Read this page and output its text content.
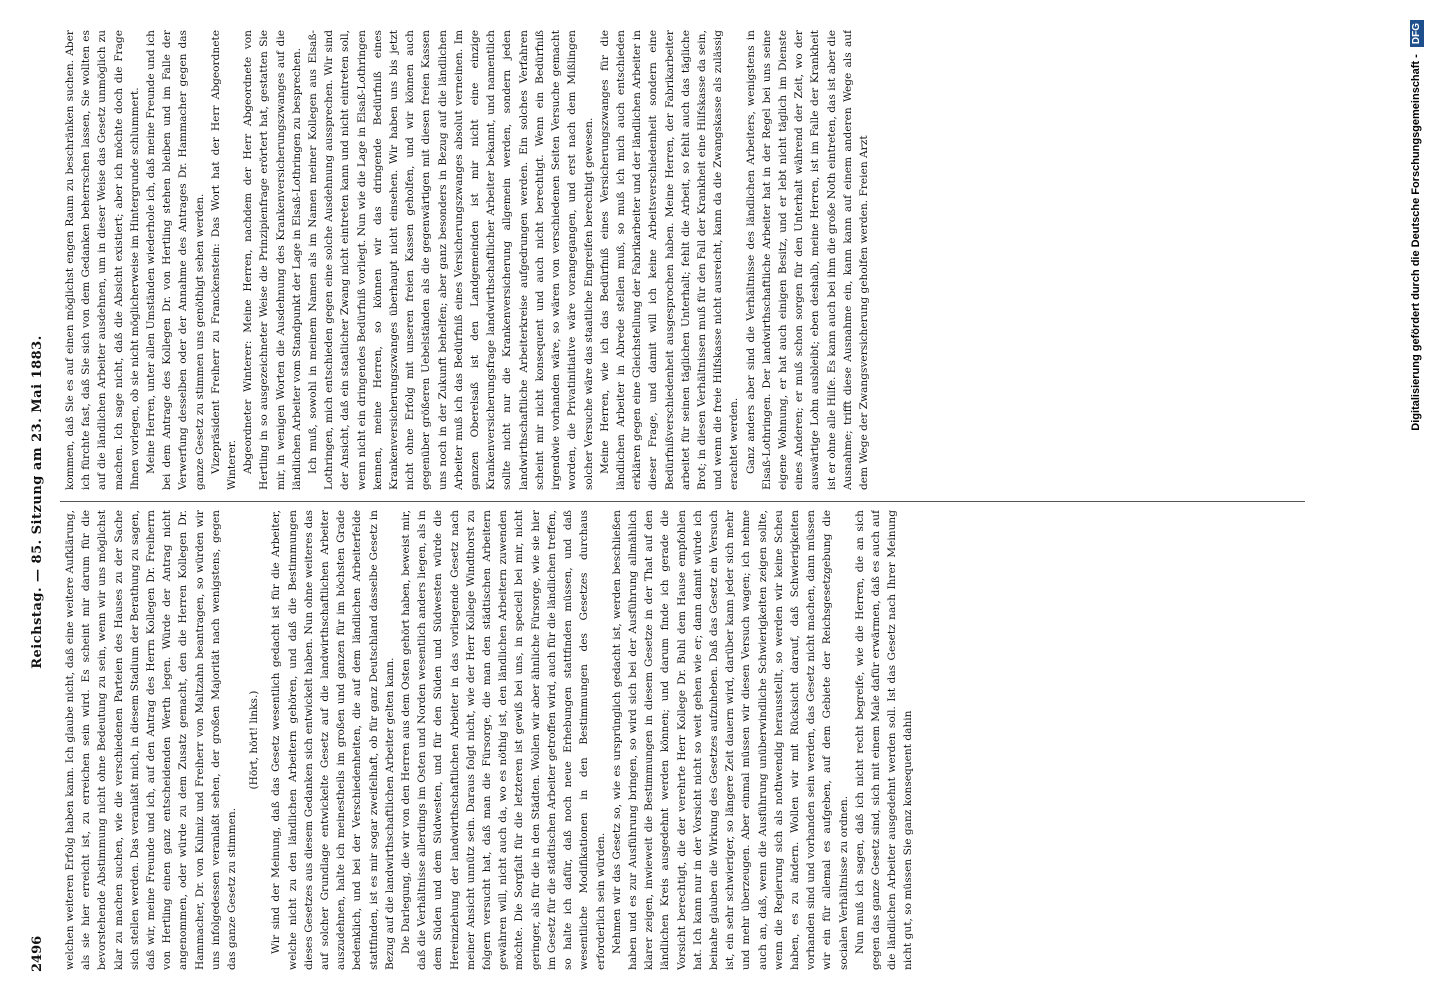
2496
Reichstag. — 85. Sitzung am 23. Mai 1883.

welchen weiteren Erfolg haben kann. Ich glaube nicht, daß eine weitere Aufklärung, als sie hier erreicht ist, zu erreichen sein wird. Es scheint mir darum für die bevorstehende Abstimmung nicht ohne Bedeutung zu sein, wenn wir uns möglichst klar zu machen suchen, wie die verschiedenen Parteien des Hauses zu der Sache sich stellen werden. Das veranlaßt mich, in diesem Stadium der Berathung zu sagen, daß wir, meine Freunde und ich, auf den Antrag des Herrn Kollegen Dr. Freiherrn von Hertling einen ganz entscheidenden Werth legen. Würde der Antrag nicht angenommen, oder würde zu dem Zusatz gemacht, den die Herren Kollegen Dr. Hammacher, Dr. von Kulmiz und Freiherr von Maltzahn beantragen, so würden wir uns infolgedessen veranlaßt sehen, der großen Majorität nach wenigstens, gegen das ganze Gesetz zu stimmen.

(Hört, hört! links.) Wir sind der Meinung, daß das Gesetz wesentlich gedacht ist für die Arbeiter, welche nicht zu den ländlichen Arbeitern gehören, und daß die Bestimmungen dieses Gesetzes aus diesem Gedanken sich entwickelt haben. Nun ohne weiteres das auf solcher Grundlage entwickelte Gesetz auf die landwirthschaftlichen Arbeiter auszudehnen, halte ich meinestheils im großen und ganzen für im höchsten Grade bedenklich, und bei der Verschiedenheiten, die auf dem ländlichen Arbeiterfelde stattfinden, ist es mir sogar zweifelhaft, ob für ganz Deutschland dasselbe Gesetz in Bezug auf die landwirthschaftlichen Arbeiter gelten kann. Die Darlegung, die wir von den Herren aus dem Osten gehört haben, beweist mir, daß die Verhältnisse allerdings im Osten und Norden wesentlich anders liegen, als in dem Süden und dem Südwesten, und für den Süden und Südwesten würde die Hereinziehung der landwirthschaftlichen Arbeiter in das vorliegende Gesetz nach meiner Ansicht unnütz sein. Daraus folgt nicht, wie der Herr Kollege Windthorst zu folgern versucht hat, daß man die Fürsorge, die man den städtischen Arbeitern gewähren will, nicht auch da, wo es nöthig ist, den ländlichen Arbeitern zuwenden möchte. Die Sorgfalt für die letzteren ist gewiß bei uns, in speciell bei mir, nicht geringer, als für die in den Städten. Wollen wir aber ähnliche Fürsorge, wie sie hier im Gesetz für die städtischen Arbeiter getroffen wird, auch für die ländlichen treffen, so halte ich dafür, daß noch neue Erhebungen stattfinden müssen, und daß wesentliche Modifikationen in den Bestimmungen des Gesetzes durchaus erforderlich sein würden. Nehmen wir das Gesetz so, wie es ursprünglich gedacht ist, werden beschließen haben und es zur Ausführung bringen, so wird sich bei der Ausführung allmählich klarer zeigen, inwieweit die Bestimmungen in diesem Gesetze in der That auf den ländlichen Kreis ausgedehnt werden können; und darum finde ich gerade die Vorsicht berechtigt, die der verehrte Herr Kollege Dr. Buhl dem Hause empfohlen hat. Ich kann nur in der Vorsicht nicht so weit gehen wie er; dann damit würde ich beinahe glauben die Wirkung des Gesetzes aufzuheben. Daß das Gesetz ein Versuch ist, ein sehr schwieriger, so längere Zeit dauern wird, darüber kann jeder sich mehr und mehr überzeugen. Aber einmal müssen wir diesen Versuch wagen; ich nehme auch an, daß, wenn die Ausführung unüberwindliche Schwierigkeiten zeigen sollte, wenn die Regierung sich als nothwendig herausstellt, so werden wir keine Scheu haben, es zu ändern. Wollen wir mit Rücksicht darauf, daß Schwierigkeiten vorhanden sind und vorhanden sein werden, das Gesetz nicht machen, dann müssen wir ein für allemal es aufgeben, auf dem Gebiete der Reichsgesetzgebung die socialen Verhältnisse zu ordnen. Nun muß ich sagen, daß ich nicht recht begreife, wie die Herren, die an sich gegen das ganze Gesetz sind, sich mit einem Male dafür erwärmen, daß es auch auf die ländlichen Arbeiter ausgedehnt werden soll. Ist das Gesetz nach Ihrer Meinung nicht gut, so müssen Sie ganz konsequent dahin

kommen, daß Sie es auf einen möglichst engen Raum zu beschränken suchen. Aber ich fürchte fast, daß Sie sich von dem Gedanken beherrschen lassen, Sie wollten es auf die ländlichen Arbeiter ausdehnen, um in dieser Weise das Gesetz unmöglich zu machen. Ich sage nicht, daß die Absicht existiert; aber ich möchte doch die Frage Ihnen vorlegen, ob sie nicht möglicherweise im Hintergrunde schlummert. Meine Herren, unter allen Umständen wiederhole ich, daß meine Freunde und ich bei dem Antrage des Kollegen Dr. von Hertling stehen bleiben und im Falle der Verwerfung desselben oder der Annahme des Antrages Dr. Hammacher gegen das ganze Gesetz zu stimmen uns genöthigt sehen werden. Vizepräsident Freiherr zu Franckenstein: Das Wort hat der Herr Abgeordnete Winterer. Abgeordneter Winterer: Meine Herren, nachdem der Herr Abgeordnete von Hertling in so ausgezeichneter Weise die Prinzipienfrage erörtert hat, gestatten Sie mir, in wenigen Worten die Ausdehnung des Krankenversicherungszwanges auf die ländlichen Arbeiter vom Standpunkt der Lage in Elsaß-Lothringen zu besprechen. Ich muß, sowohl in meinem Namen als im Namen meiner Kollegen aus Elsaß-Lothringen, mich entschieden gegen eine solche Ausdehnung aussprechen. Wir sind der Ansicht, daß ein staatlicher Zwang nicht eintreten kann und nicht eintreten soll, wenn nicht ein dringendes Bedürfniß vorliegt. Nun wie die Lage in Elsaß-Lothringen kennen, meine Herren, so können wir das dringende Bedürfniß eines Krankenversicherungszwanges überhaupt nicht einsehen. Wir haben uns bis jetzt nicht ohne Erfolg mit unseren freien Kassen geholfen, und wir können auch gegenüber größeren Uebelständen als die gegenwärtigen mit diesen freien Kassen uns noch in der Zukunft behelfen; aber ganz besonders in Bezug auf die ländlichen Arbeiter muß ich das Bedürfniß eines Versicherungszwanges absolut verneinen. Im ganzen Oberelsaß ist den Landgemeinden ist mir nicht eine einzige Krankenversicherungsfrage landwirthschaftlicher Arbeiter bekannt, und namentlich sollte nicht nur die Krankenversicherung allgemein werden, sondern jeden landwirthschaftliche Arbeiterkreise aufgedrungen werden. Ein solches Verfahren scheint mir nicht konsequent und auch nicht berechtigt. Wenn ein Bedürfniß irgendwie vorhanden wäre, so wären von verschiedenen Seiten Versuche gemacht worden, die Privatinitiative wäre vorangegangen, und erst nach dem Mißlingen solcher Versuche wäre das staatliche Eingreifen berechtigt gewesen. Meine Herren, wie ich das Bedürfniß eines Versicherungszwanges für die ländlichen Arbeiter in Abrede stellen muß, so muß ich mich auch entschieden erklären gegen eine Gleichstellung der Fabrikarbeiter und der ländlichen Arbeiter in dieser Frage, und damit will ich keine Arbeitsverschiedenheit sondern eine Bedürfnißverschiedenheit ausgesprochen haben. Meine Herren, der Fabrikarbeiter arbeitet für seinen täglichen Unterhalt; fehlt die Arbeit, so fehlt auch das tägliche Brot; in diesen Verhältnissen muß für den Fall der Krankheit eine Hilfskasse da sein, und wenn die freie Hilfskasse nicht ausreicht, kann da die Zwangskasse als zulässig erachtet werden. Ganz anders aber sind die Verhältnisse des ländlichen Arbeiters, wenigstens in Elsaß-Lothringen. Der landwirthschaftliche Arbeiter hat in der Regel bei uns seine eigene Wohnung, er hat auch einigen Besitz, und er lebt nicht täglich im Dienste eines Anderen; er muß schon sorgen für den Unterhalt während der Zeit, wo der auswärtige Lohn ausbleibt; eben deshalb, meine Herren, ist im Falle der Krankheit ist er ohne alle Hilfe. Es kann auch bei ihm die große Noth eintreten, das ist aber die Ausnahme; trifft diese Ausnahme ein, kann kann auf einem anderen Wege als auf dem Wege der Zwangsversicherung geholfen werden. Freien Arzt	Digitalisierung gefördert durch die Deutsche Forschungsgemeinschaft - DFG
